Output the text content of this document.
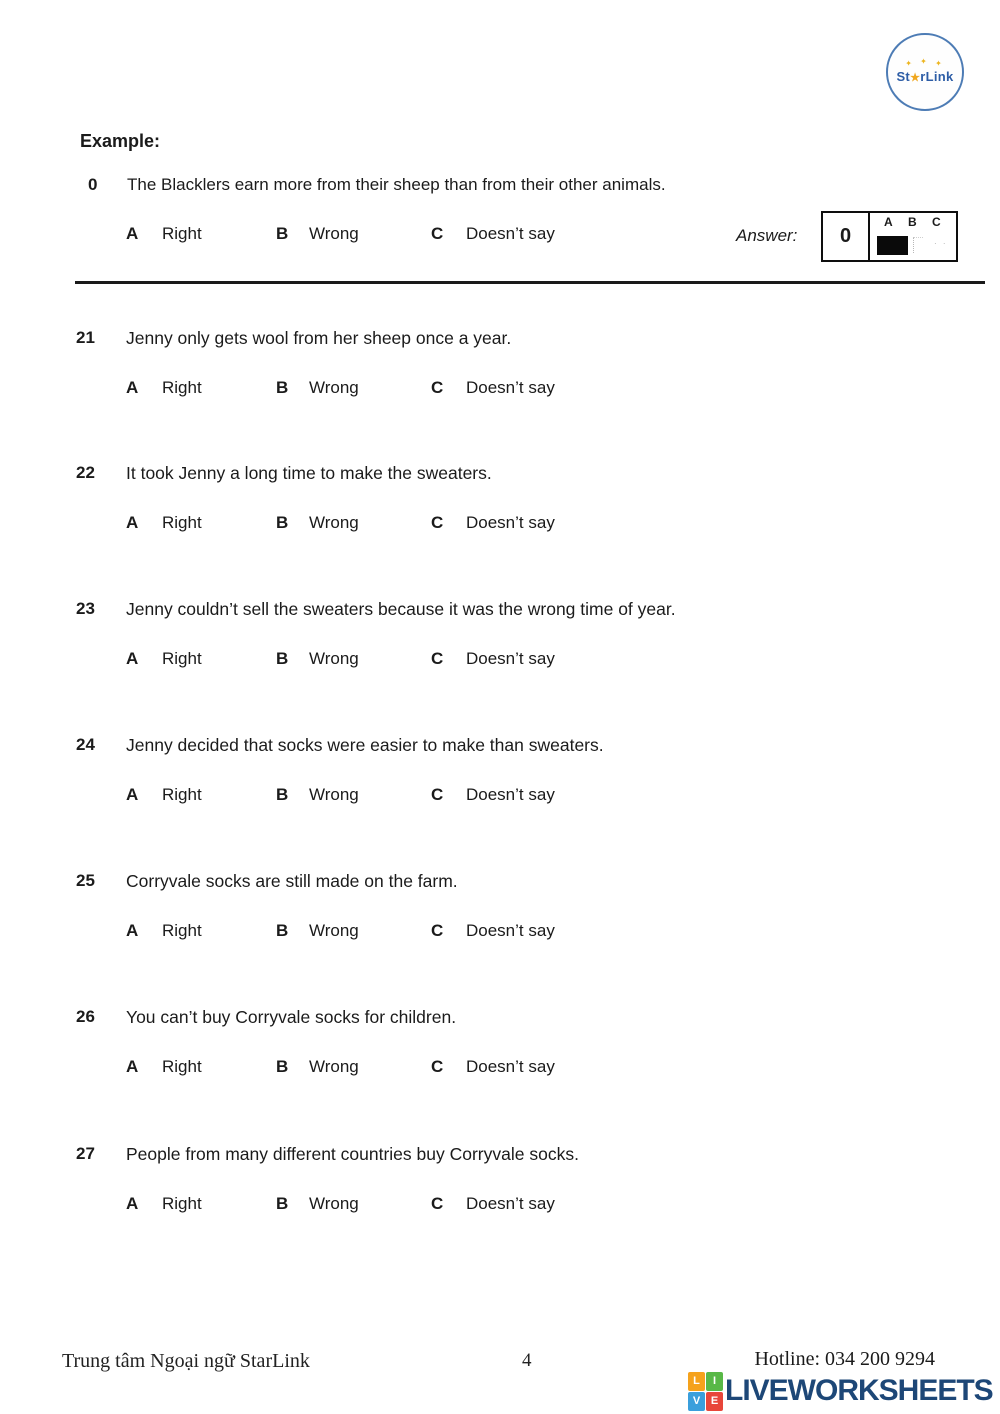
✦ ✦ ✦
St★rLink
Example:
0 The Blacklers earn more from their sheep than from their other animals.
A Right	B Wrong	C Doesn’t say	Answer:	0
A B C
· ·
21 Jenny only gets wool from her sheep once a year.
A Right	B Wrong	C Doesn’t say
22 It took Jenny a long time to make the sweaters.
A Right	B Wrong	C Doesn’t say
23 Jenny couldn’t sell the sweaters because it was the wrong time of year.
A Right	B Wrong	C Doesn’t say
24 Jenny decided that socks were easier to make than sweaters.
A Right	B Wrong	C Doesn’t say
25 Corryvale socks are still made on the farm.
A Right	B Wrong	C Doesn’t say
26 You can’t buy Corryvale socks for children.
A Right	B Wrong	C Doesn’t say
27 People from many different countries buy Corryvale socks.
A Right	B Wrong	C Doesn’t say
Trung tâm Ngoại ngữ StarLink	4	Hotline: 034 200 9294
L	I
V E LIVEWORKSHEETS
